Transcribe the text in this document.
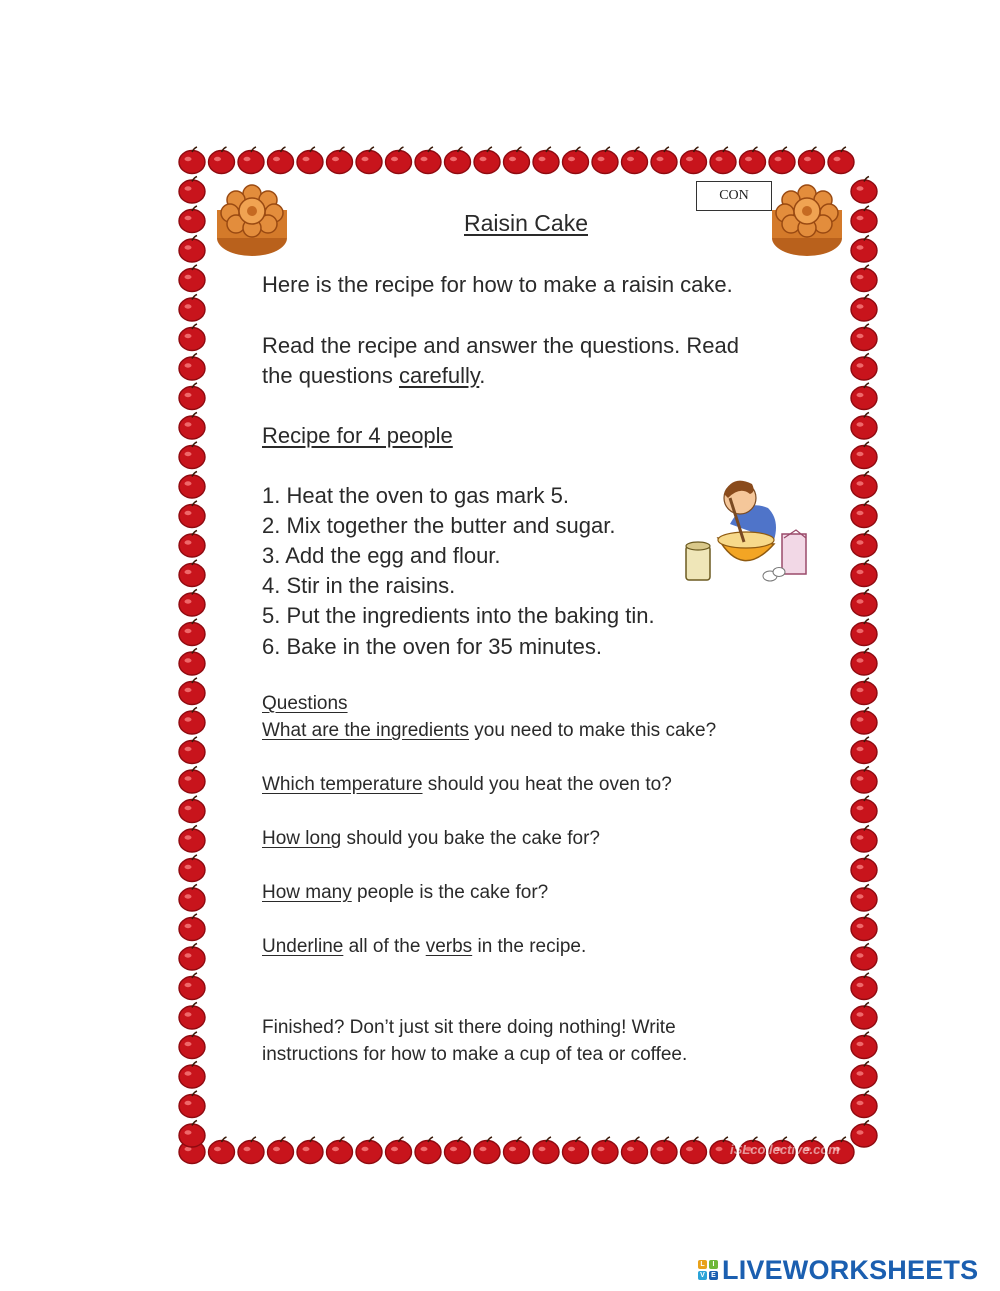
CON
Raisin Cake
Here is the recipe for how to make a raisin cake.
Read the recipe and answer the questions. Read
the questions carefully.
Recipe for 4 people
1. Heat the oven to gas mark 5.
2. Mix together the butter and sugar.
3. Add the egg and flour.
4. Stir in the raisins.
5. Put the ingredients into the baking tin.
6. Bake in the oven for 35 minutes.
Questions
What are the ingredients you need to make this cake?
Which temperature should you heat the oven to?
How long should you bake the cake for?
How many people is the cake for?
Underline all of the verbs in the recipe.
Finished? Don’t just sit there doing nothing! Write
instructions for how to make a cup of tea or coffee.
iSLcollective.com
L	I
V E LIVEWORKSHEETS
